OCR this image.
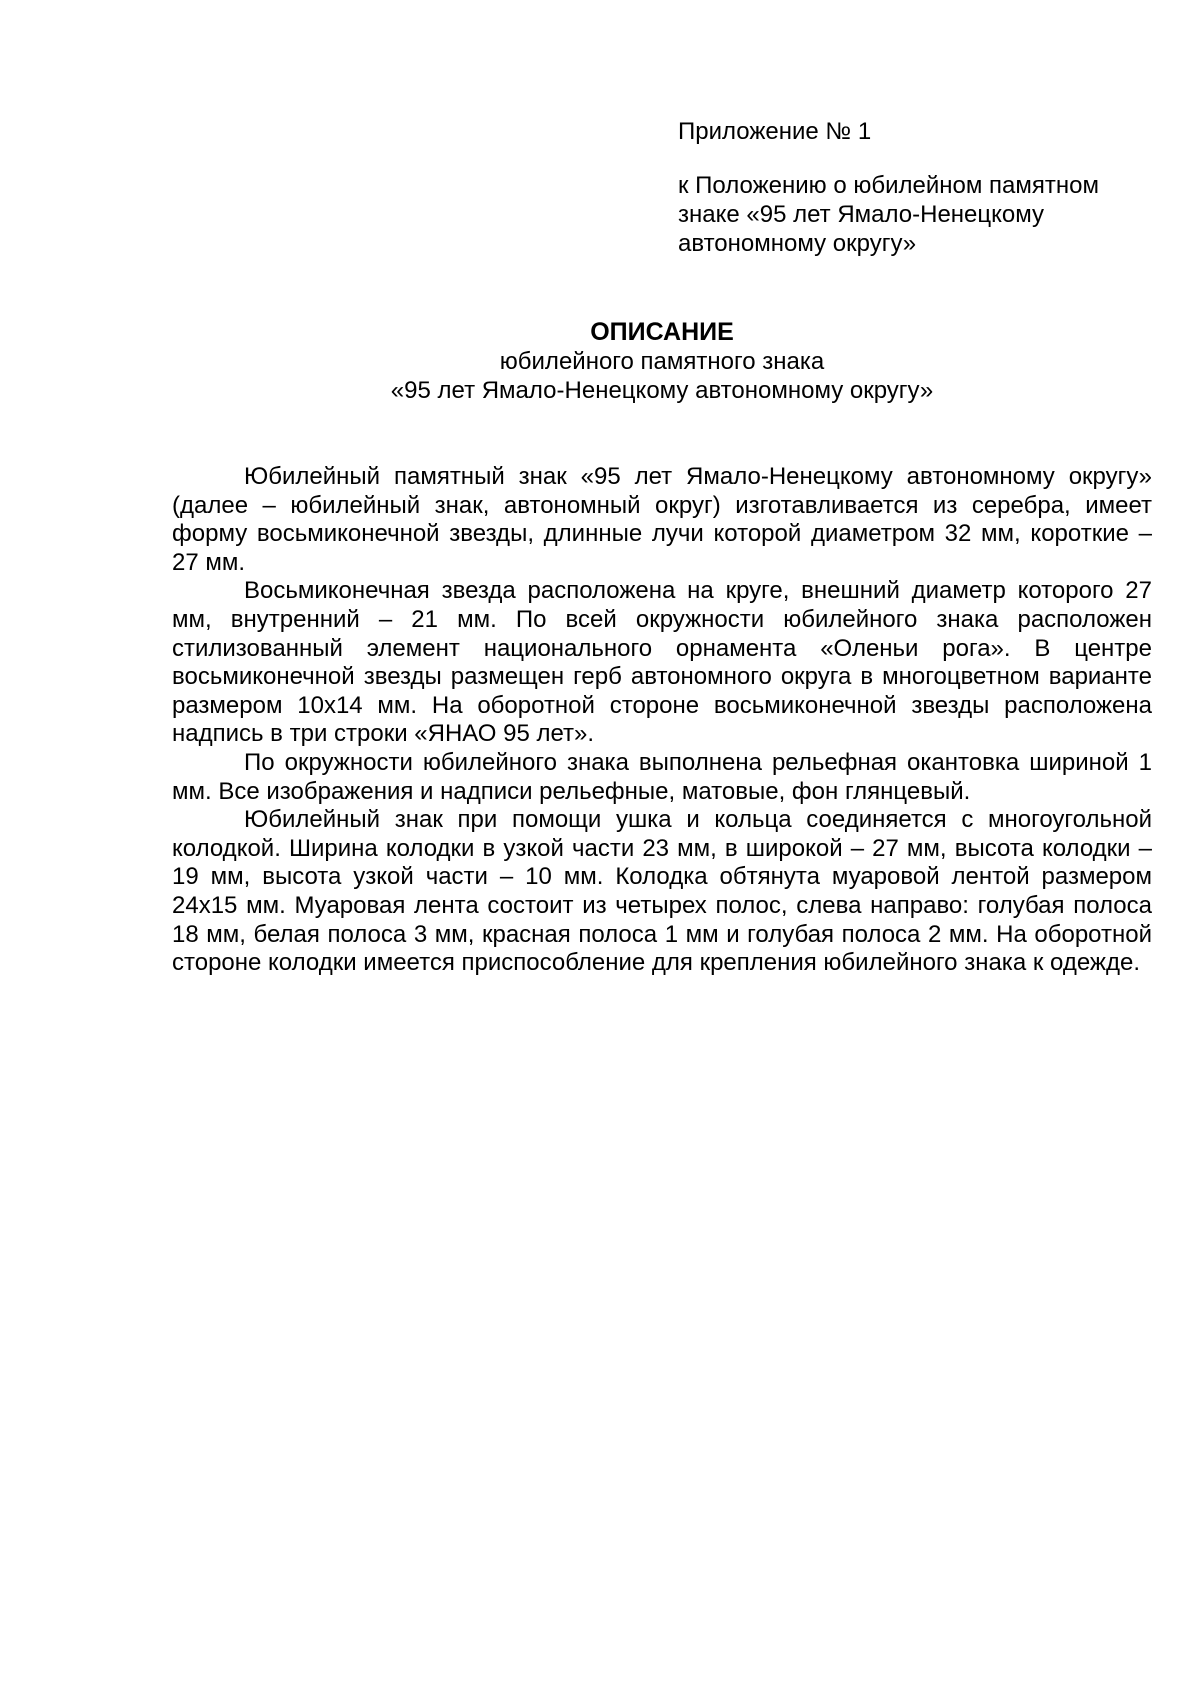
Приложение № 1
к Положению о юбилейном памятном знаке «95 лет Ямало-Ненецкому автономному округу»
ОПИСАНИЕ
юбилейного памятного знака
«95 лет Ямало-Ненецкому автономному округу»

Юбилейный памятный знак «95 лет Ямало-Ненецкому автономному округу» (далее – юбилейный знак, автономный округ) изготавливается из серебра, имеет форму восьмиконечной звезды, длинные лучи которой диаметром 32 мм, короткие – 27 мм.

Восьмиконечная звезда расположена на круге, внешний диаметр которого 27 мм, внутренний – 21 мм. По всей окружности юбилейного знака расположен стилизованный элемент национального орнамента «Оленьи рога». В центре восьмиконечной звезды размещен герб автономного округа в многоцветном варианте размером 10х14 мм. На оборотной стороне восьмиконечной звезды расположена надпись в три строки «ЯНАО 95 лет».

По окружности юбилейного знака выполнена рельефная окантовка шириной 1 мм. Все изображения и надписи рельефные, матовые, фон глянцевый.

Юбилейный знак при помощи ушка и кольца соединяется с многоугольной колодкой. Ширина колодки в узкой части 23 мм, в широкой – 27 мм, высота колодки – 19 мм, высота узкой части – 10 мм. Колодка обтянута муаровой лентой размером 24х15 мм. Муаровая лента состоит из четырех полос, слева направо: голубая полоса 18 мм, белая полоса 3 мм, красная полоса 1 мм и голубая полоса 2 мм. На оборотной стороне колодки имеется приспособление для крепления юбилейного знака к одежде.
